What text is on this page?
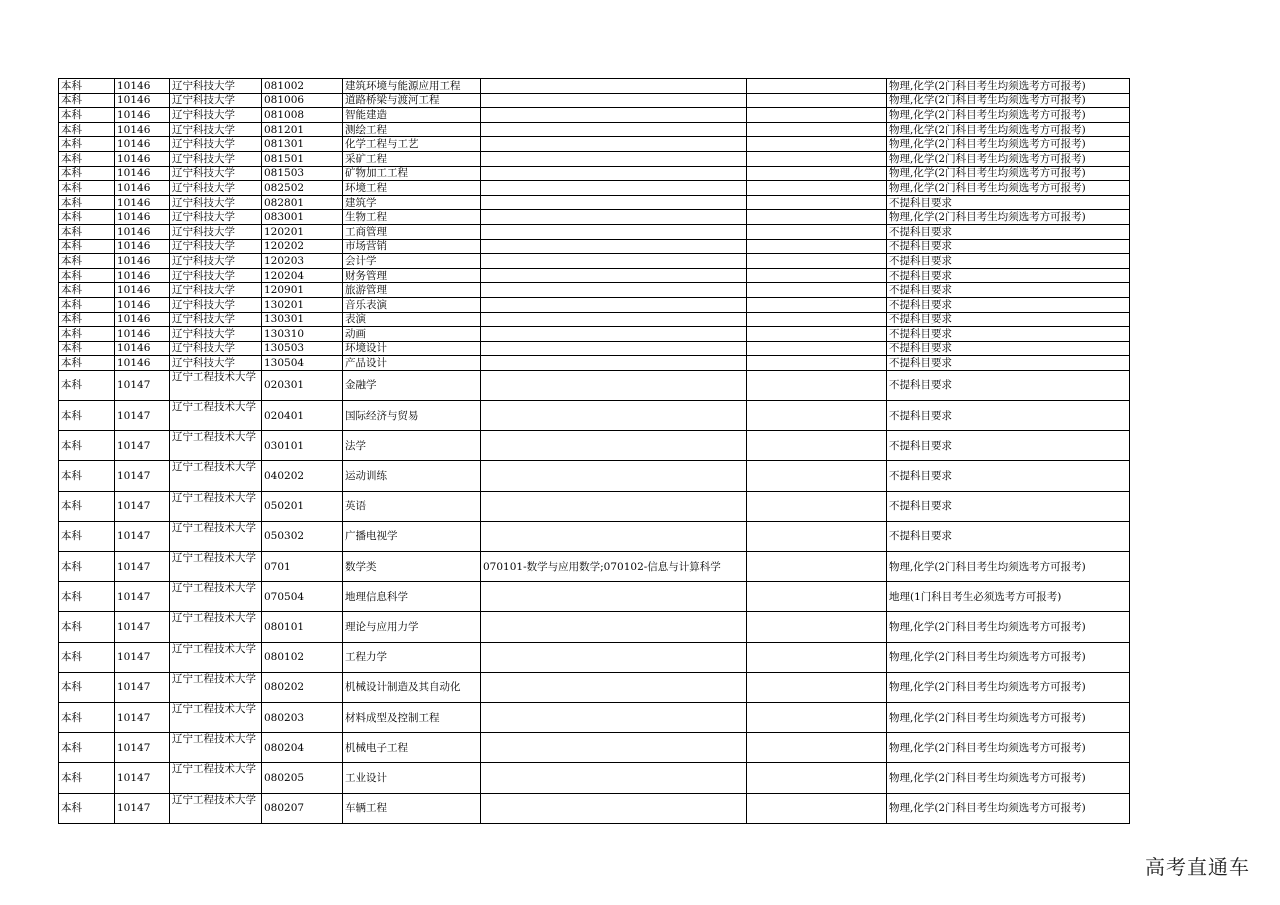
本科	10146	辽宁科技大学	081002	建筑环境与能源应用工程			物理,化学(2门科目考生均须选考方可报考)
本科	10146	辽宁科技大学	081006	道路桥梁与渡河工程			物理,化学(2门科目考生均须选考方可报考)
本科	10146	辽宁科技大学	081008	智能建造			物理,化学(2门科目考生均须选考方可报考)
本科	10146	辽宁科技大学	081201	测绘工程			物理,化学(2门科目考生均须选考方可报考)
本科	10146	辽宁科技大学	081301	化学工程与工艺			物理,化学(2门科目考生均须选考方可报考)
本科	10146	辽宁科技大学	081501	采矿工程			物理,化学(2门科目考生均须选考方可报考)
本科	10146	辽宁科技大学	081503	矿物加工工程			物理,化学(2门科目考生均须选考方可报考)
本科	10146	辽宁科技大学	082502	环境工程			物理,化学(2门科目考生均须选考方可报考)
本科	10146	辽宁科技大学	082801	建筑学			不提科目要求
本科	10146	辽宁科技大学	083001	生物工程			物理,化学(2门科目考生均须选考方可报考)
本科	10146	辽宁科技大学	120201	工商管理			不提科目要求
本科	10146	辽宁科技大学	120202	市场营销			不提科目要求
本科	10146	辽宁科技大学	120203	会计学			不提科目要求
本科	10146	辽宁科技大学	120204	财务管理			不提科目要求
本科	10146	辽宁科技大学	120901	旅游管理			不提科目要求
本科	10146	辽宁科技大学	130201	音乐表演			不提科目要求
本科	10146	辽宁科技大学	130301	表演			不提科目要求
本科	10146	辽宁科技大学	130310	动画			不提科目要求
本科	10146	辽宁科技大学	130503	环境设计			不提科目要求
本科	10146	辽宁科技大学	130504	产品设计			不提科目要求
本科	10147	辽宁工程技术大学	020301	金融学			不提科目要求
本科	10147	辽宁工程技术大学	020401	国际经济与贸易			不提科目要求
本科	10147	辽宁工程技术大学	030101	法学			不提科目要求
本科	10147	辽宁工程技术大学	040202	运动训练			不提科目要求
本科	10147	辽宁工程技术大学	050201	英语			不提科目要求
本科	10147	辽宁工程技术大学	050302	广播电视学			不提科目要求
本科	10147	辽宁工程技术大学	0701	数学类	070101-数学与应用数学;070102-信息与计算科学		物理,化学(2门科目考生均须选考方可报考)
本科	10147	辽宁工程技术大学	070504	地理信息科学			地理(1门科目考生必须选考方可报考)
本科	10147	辽宁工程技术大学	080101	理论与应用力学			物理,化学(2门科目考生均须选考方可报考)
本科	10147	辽宁工程技术大学	080102	工程力学			物理,化学(2门科目考生均须选考方可报考)
本科	10147	辽宁工程技术大学	080202	机械设计制造及其自动化			物理,化学(2门科目考生均须选考方可报考)
本科	10147	辽宁工程技术大学	080203	材料成型及控制工程			物理,化学(2门科目考生均须选考方可报考)
本科	10147	辽宁工程技术大学	080204	机械电子工程			物理,化学(2门科目考生均须选考方可报考)
本科	10147	辽宁工程技术大学	080205	工业设计			物理,化学(2门科目考生均须选考方可报考)
本科	10147	辽宁工程技术大学	080207	车辆工程			物理,化学(2门科目考生均须选考方可报考)
高考直通车
